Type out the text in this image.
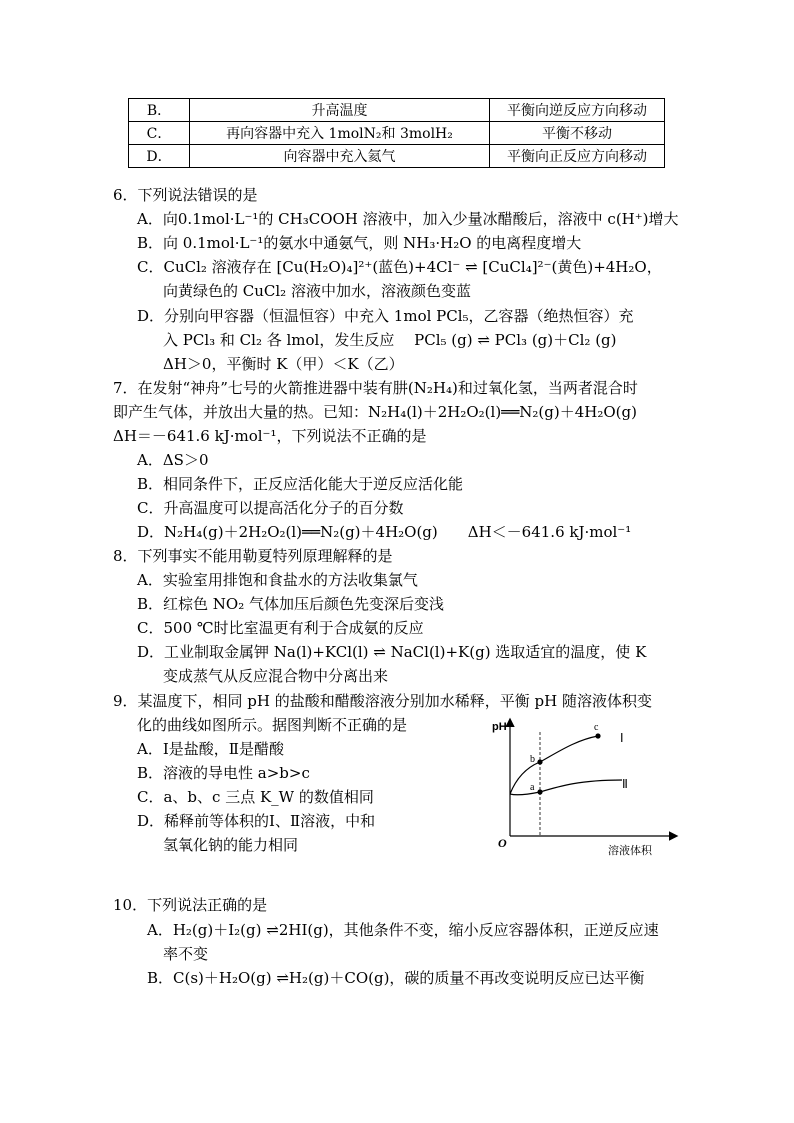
B．	升高温度	平衡向逆反应方向移动
C．	再向容器中充入 1molN₂和 3molH₂	平衡不移动
D．	向容器中充入氦气	平衡向正反应方向移动
6．下列说法错误的是
A．向0.1mol·L⁻¹的 CH₃COOH 溶液中，加入少量冰醋酸后，溶液中 c(H⁺)增大
B．向 0.1mol·L⁻¹的氨水中通氨气，则 NH₃·H₂O 的电离程度增大
C．CuCl₂ 溶液存在 [Cu(H₂O)₄]²⁺(蓝色)+4Cl⁻ ⇌ [CuCl₄]²⁻(黄色)+4H₂O，
向黄绿色的 CuCl₂ 溶液中加水，溶液颜色变蓝
D．分别向甲容器（恒温恒容）中充入 1mol PCl₅，乙容器（绝热恒容）充
入 PCl₃ 和 Cl₂ 各 lmol，发生反应　 PCl₅ (g) ⇌ PCl₃ (g)＋Cl₂ (g)
ΔH＞0，平衡时 K（甲）＜K（乙）
7．在发射“神舟”七号的火箭推进器中装有肼(N₂H₄)和过氧化氢，当两者混合时
即产生气体，并放出大量的热。已知：N₂H₄(l)＋2H₂O₂(l)══N₂(g)＋4H₂O(g)
ΔH＝－641.6 kJ·mol⁻¹，下列说法不正确的是
A．ΔS＞0
B．相同条件下，正反应活化能大于逆反应活化能
C．升高温度可以提高活化分子的百分数
D．N₂H₄(g)＋2H₂O₂(l)══N₂(g)＋4H₂O(g)　　ΔH＜－641.6 kJ·mol⁻¹
8．下列事实不能用勒夏特列原理解释的是
A．实验室用排饱和食盐水的方法收集氯气
B．红棕色 NO₂ 气体加压后颜色先变深后变浅
C．500 ℃时比室温更有利于合成氨的反应
D．工业制取金属钾 Na(l)+KCl(l) ⇌ NaCl(l)+K(g) 选取适宜的温度，使 K
变成蒸气从反应混合物中分离出来
9．某温度下，相同 pH 的盐酸和醋酸溶液分别加水稀释，平衡 pH 随溶液体积变
化的曲线如图所示。据图判断不正确的是
A．Ⅰ是盐酸，Ⅱ是醋酸
B．溶液的导电性 a>b>c
C．a、b、c 三点 K_W 的数值相同
D．稀释前等体积的Ⅰ、Ⅱ溶液，中和
氢氧化钠的能力相同
pH
溶液体积
O
b
a
c
Ⅰ
Ⅱ
10．下列说法正确的是
A．H₂(g)＋I₂(g) ⇌2HI(g)，其他条件不变，缩小反应容器体积，正逆反应速
率不变
B．C(s)＋H₂O(g) ⇌H₂(g)＋CO(g)，碳的质量不再改变说明反应已达平衡
